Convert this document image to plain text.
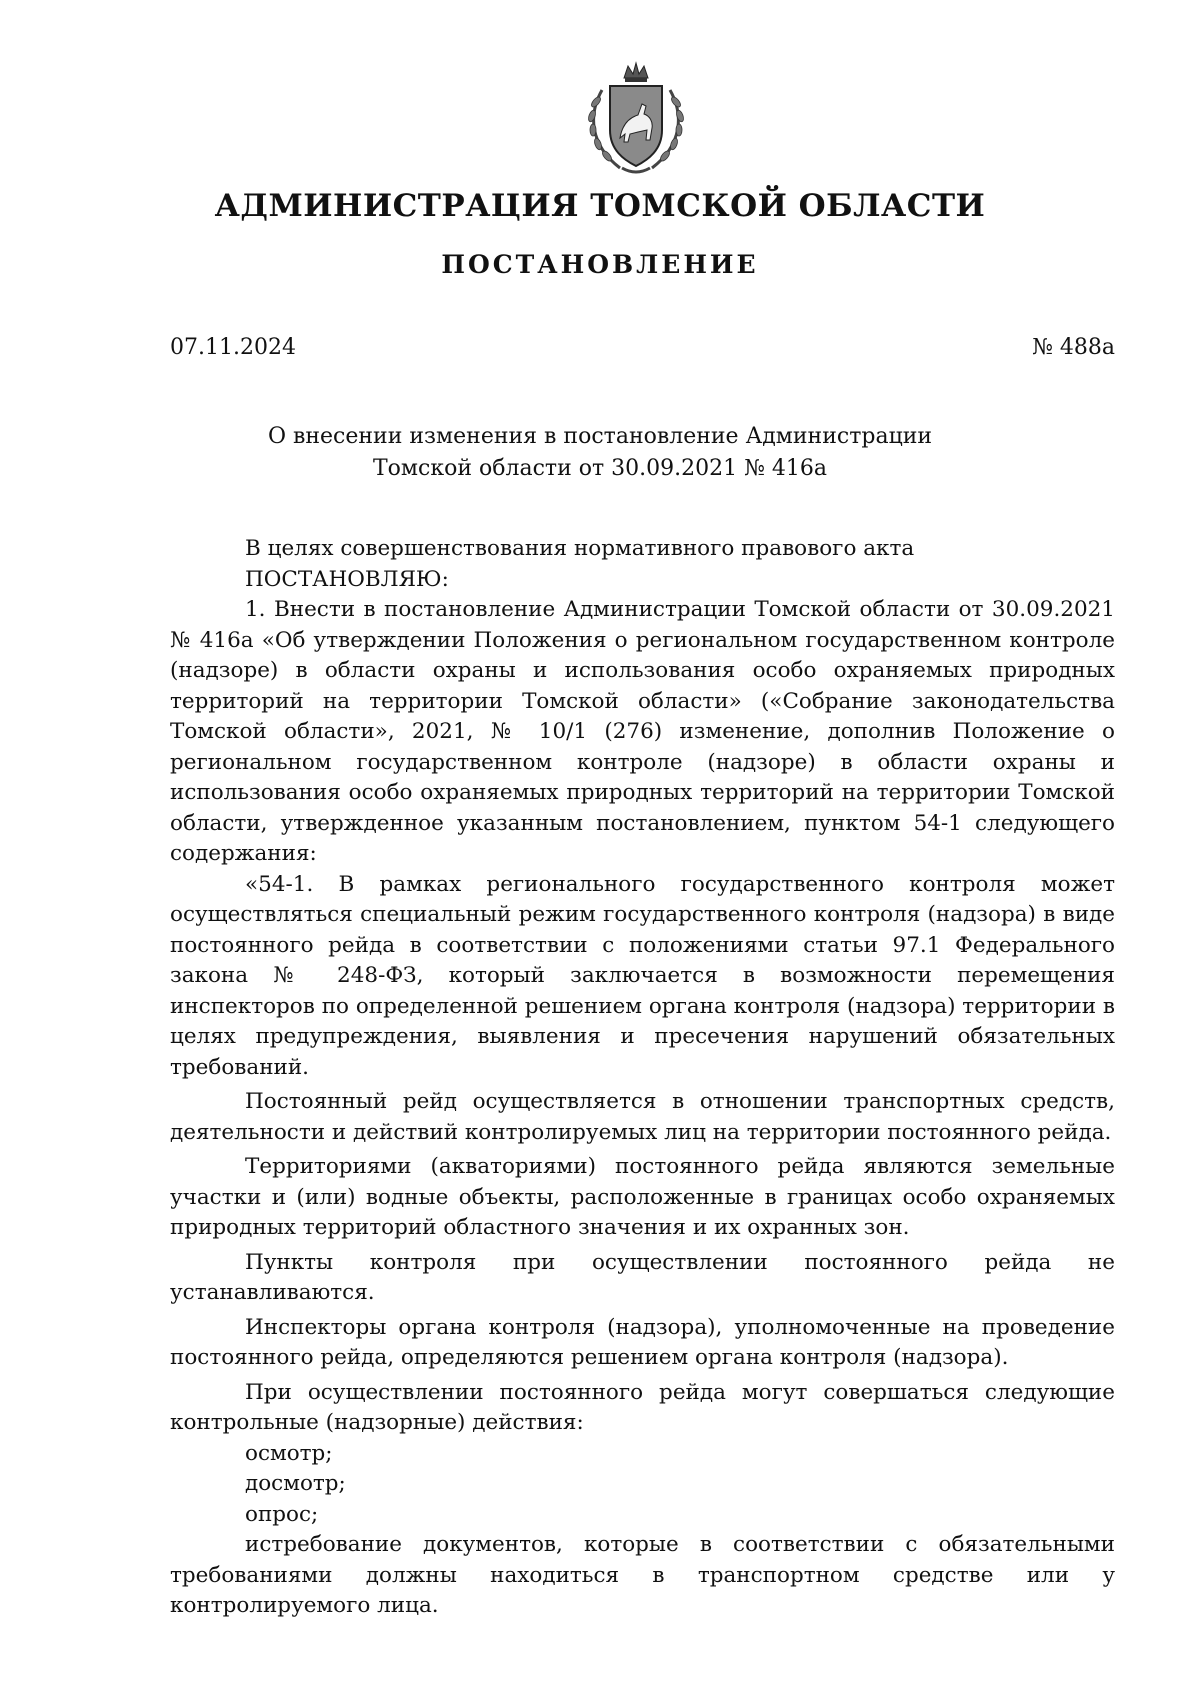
АДМИНИСТРАЦИЯ ТОМСКОЙ ОБЛАСТИ
ПОСТАНОВЛЕНИЕ
07.11.2024	№ 488а
О внесении изменения в постановление Администрации
Томской области от 30.09.2021 № 416а

В целях совершенствования нормативного правового акта

ПОСТАНОВЛЯЮ:

1. Внести в постановление Администрации Томской области от 30.09.2021 № 416а «Об утверждении Положения о региональном государственном контроле (надзоре) в области охраны и использования особо охраняемых природных территорий на территории Томской области» («Собрание законодательства Томской области», 2021, № 10/1 (276) изменение, дополнив Положение о региональном государственном контроле (надзоре) в области охраны и использования особо охраняемых природных территорий на территории Томской области, утвержденное указанным постановлением, пунктом 54-1 следующего содержания:

«54-1. В рамках регионального государственного контроля может осуществляться специальный режим государственного контроля (надзора) в виде постоянного рейда в соответствии с положениями статьи 97.1 Федерального закона № 248-ФЗ, который заключается в возможности перемещения инспекторов по определенной решением органа контроля (надзора) территории в целях предупреждения, выявления и пресечения нарушений обязательных требований.

Постоянный рейд осуществляется в отношении транспортных средств, деятельности и действий контролируемых лиц на территории постоянного рейда.

Территориями (акваториями) постоянного рейда являются земельные участки и (или) водные объекты, расположенные в границах особо охраняемых природных территорий областного значения и их охранных зон.

Пункты контроля при осуществлении постоянного рейда не устанавливаются.

Инспекторы органа контроля (надзора), уполномоченные на проведение постоянного рейда, определяются решением органа контроля (надзора).

При осуществлении постоянного рейда могут совершаться следующие контрольные (надзорные) действия:

осмотр;

досмотр;

опрос;

истребование документов, которые в соответствии с обязательными требованиями должны находиться в транспортном средстве или у контролируемого лица.
